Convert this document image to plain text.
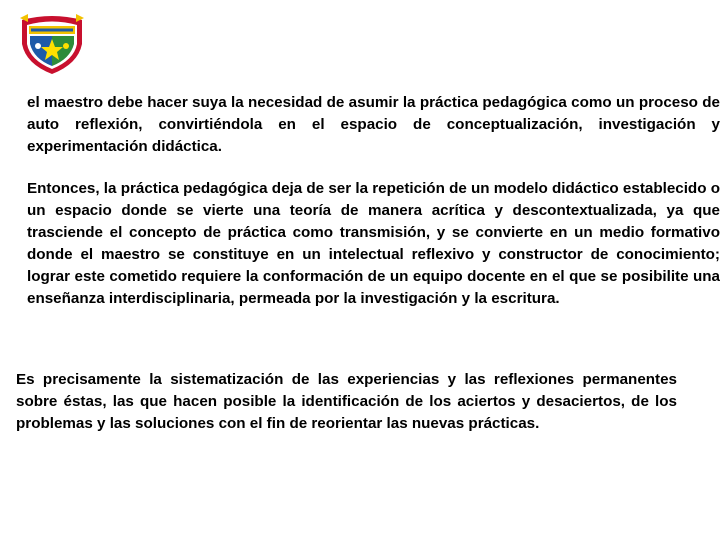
el maestro debe hacer suya la necesidad de asumir la práctica pedagógica como un proceso de auto reflexión, convirtiéndola en el espacio de conceptualización, investigación y experimentación didáctica.

Entonces, la práctica pedagógica deja de ser la repetición de un modelo didáctico establecido o un espacio donde se vierte una teoría de manera acrítica y descontextualizada, ya que trasciende el concepto de práctica como transmisión, y se convierte en un medio formativo donde el maestro se constituye en un intelectual reflexivo y constructor de conocimiento; lograr este cometido requiere la conformación de un equipo docente en el que se posibilite una enseñanza interdisciplinaria, permeada por la investigación y la escritura.

Es precisamente la sistematización de las experiencias y las reflexiones permanentes sobre éstas, las que hacen posible la identificación de los aciertos y desaciertos, de los problemas y las soluciones con el fin de reorientar las nuevas prácticas.
